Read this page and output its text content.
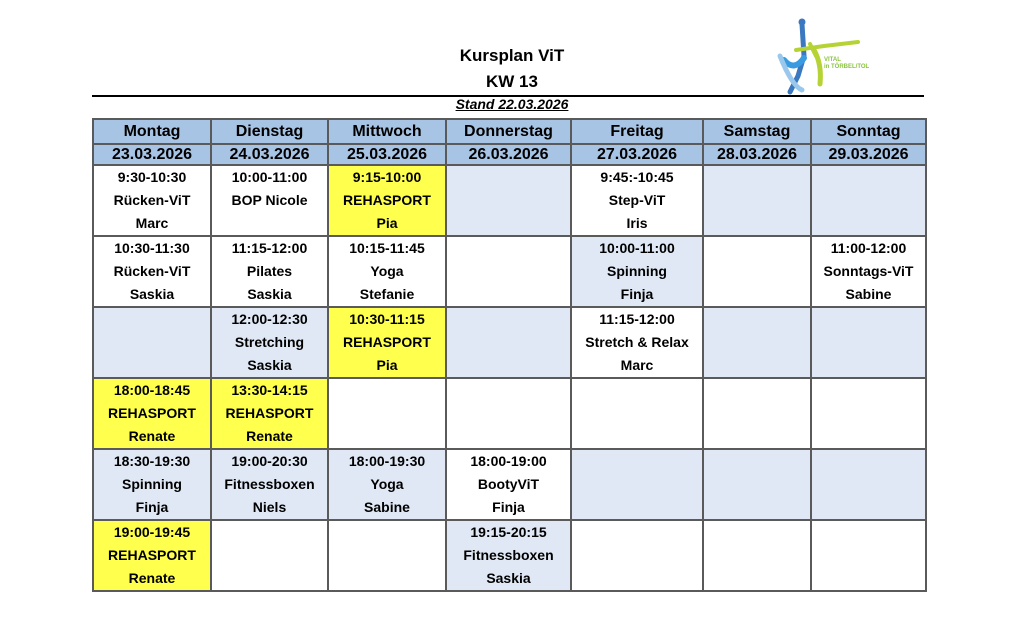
Kursplan ViT
KW 13
Stand 22.03.2026
VITAL
in TÖRBEL/TOL
Montag	Dienstag	Mittwoch	Donnerstag	Freitag	Samstag	Sonntag
23.03.2026	24.03.2026	25.03.2026	26.03.2026	27.03.2026	28.03.2026	29.03.2026

9:30-10:30
Rücken-ViT
Marc	10:00-11:00
BOP Nicole	9:15-10:00
REHASPORT
Pia		9:45:-10:45
Step-ViT
Iris		

10:30-11:30
Rücken-ViT
Saskia	11:15-12:00
Pilates
Saskia	10:15-11:45
Yoga
Stefanie		10:00-11:00
Spinning
Finja		11:00-12:00
Sonntags-ViT
Sabine

	12:00-12:30
Stretching
Saskia	10:30-11:15
REHASPORT
Pia		11:15-12:00
Stretch & Relax
Marc		

18:00-18:45
REHASPORT
Renate	13:30-14:15
REHASPORT
Renate					

18:30-19:30
Spinning
Finja	19:00-20:30
Fitnessboxen
Niels	18:00-19:30
Yoga
Sabine	18:00-19:00
BootyViT
Finja			

19:00-19:45
REHASPORT
Renate			19:15-20:15
Fitnessboxen
Saskia			
